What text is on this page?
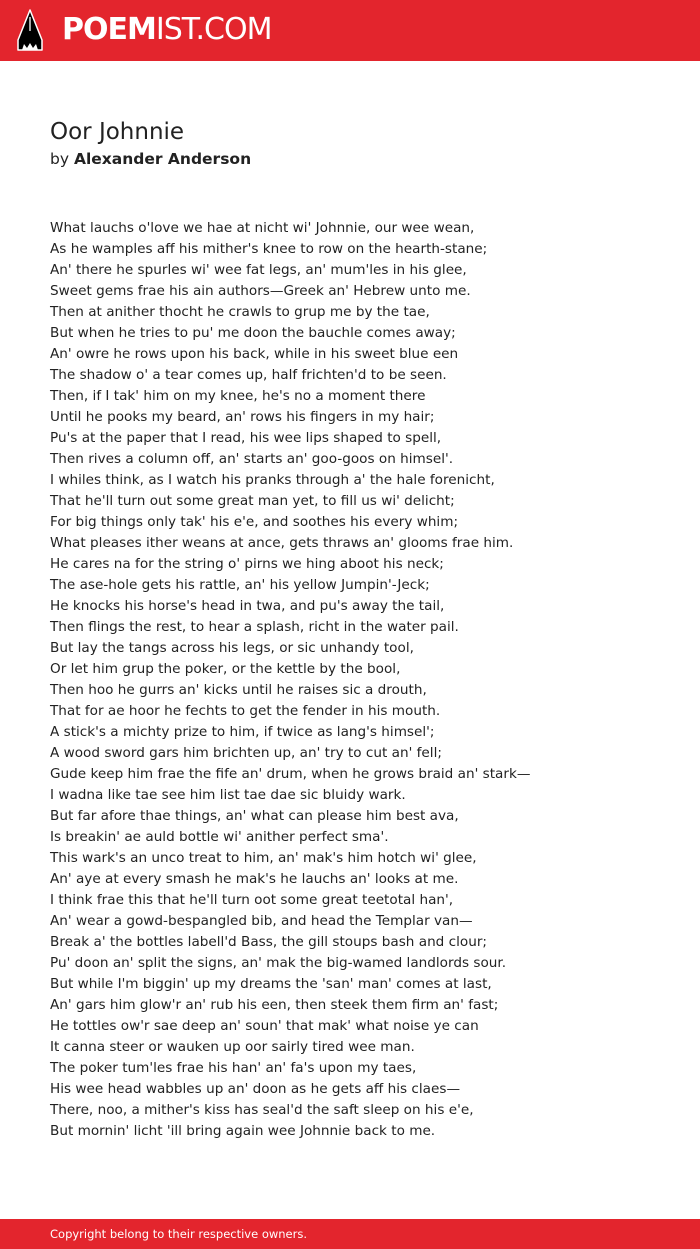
POEMIST.COM
Oor Johnnie
by Alexander Anderson
What lauchs o'love we hae at nicht wi' Johnnie, our wee wean,
As he wamples aff his mither's knee to row on the hearth-stane;
An' there he spurles wi' wee fat legs, an' mum'les in his glee,
Sweet gems frae his ain authors—Greek an' Hebrew unto me.
Then at anither thocht he crawls to grup me by the tae,
But when he tries to pu' me doon the bauchle comes away;
An' owre he rows upon his back, while in his sweet blue een
The shadow o' a tear comes up, half frichten'd to be seen.
Then, if I tak' him on my knee, he's no a moment there
Until he pooks my beard, an' rows his fingers in my hair;
Pu's at the paper that I read, his wee lips shaped to spell,
Then rives a column off, an' starts an' goo-goos on himsel'.
I whiles think, as I watch his pranks through a' the hale forenicht,
That he'll turn out some great man yet, to fill us wi' delicht;
For big things only tak' his e'e, and soothes his every whim;
What pleases ither weans at ance, gets thraws an' glooms frae him.
He cares na for the string o' pirns we hing aboot his neck;
The ase-hole gets his rattle, an' his yellow Jumpin'-Jeck;
He knocks his horse's head in twa, and pu's away the tail,
Then flings the rest, to hear a splash, richt in the water pail.
But lay the tangs across his legs, or sic unhandy tool,
Or let him grup the poker, or the kettle by the bool,
Then hoo he gurrs an' kicks until he raises sic a drouth,
That for ae hoor he fechts to get the fender in his mouth.
A stick's a michty prize to him, if twice as lang's himsel';
A wood sword gars him brichten up, an' try to cut an' fell;
Gude keep him frae the fife an' drum, when he grows braid an' stark—
I wadna like tae see him list tae dae sic bluidy wark.
But far afore thae things, an' what can please him best ava,
Is breakin' ae auld bottle wi' anither perfect sma'.
This wark's an unco treat to him, an' mak's him hotch wi' glee,
An' aye at every smash he mak's he lauchs an' looks at me.
I think frae this that he'll turn oot some great teetotal han',
An' wear a gowd-bespangled bib, and head the Templar van—
Break a' the bottles labell'd Bass, the gill stoups bash and clour;
Pu' doon an' split the signs, an' mak the big-wamed landlords sour.
But while I'm biggin' up my dreams the 'san' man' comes at last,
An' gars him glow'r an' rub his een, then steek them firm an' fast;
He tottles ow'r sae deep an' soun' that mak' what noise ye can
It canna steer or wauken up oor sairly tired wee man.
The poker tum'les frae his han' an' fa's upon my taes,
His wee head wabbles up an' doon as he gets aff his claes—
There, noo, a mither's kiss has seal'd the saft sleep on his e'e,
But mornin' licht 'ill bring again wee Johnnie back to me.
Copyright belong to their respective owners.
